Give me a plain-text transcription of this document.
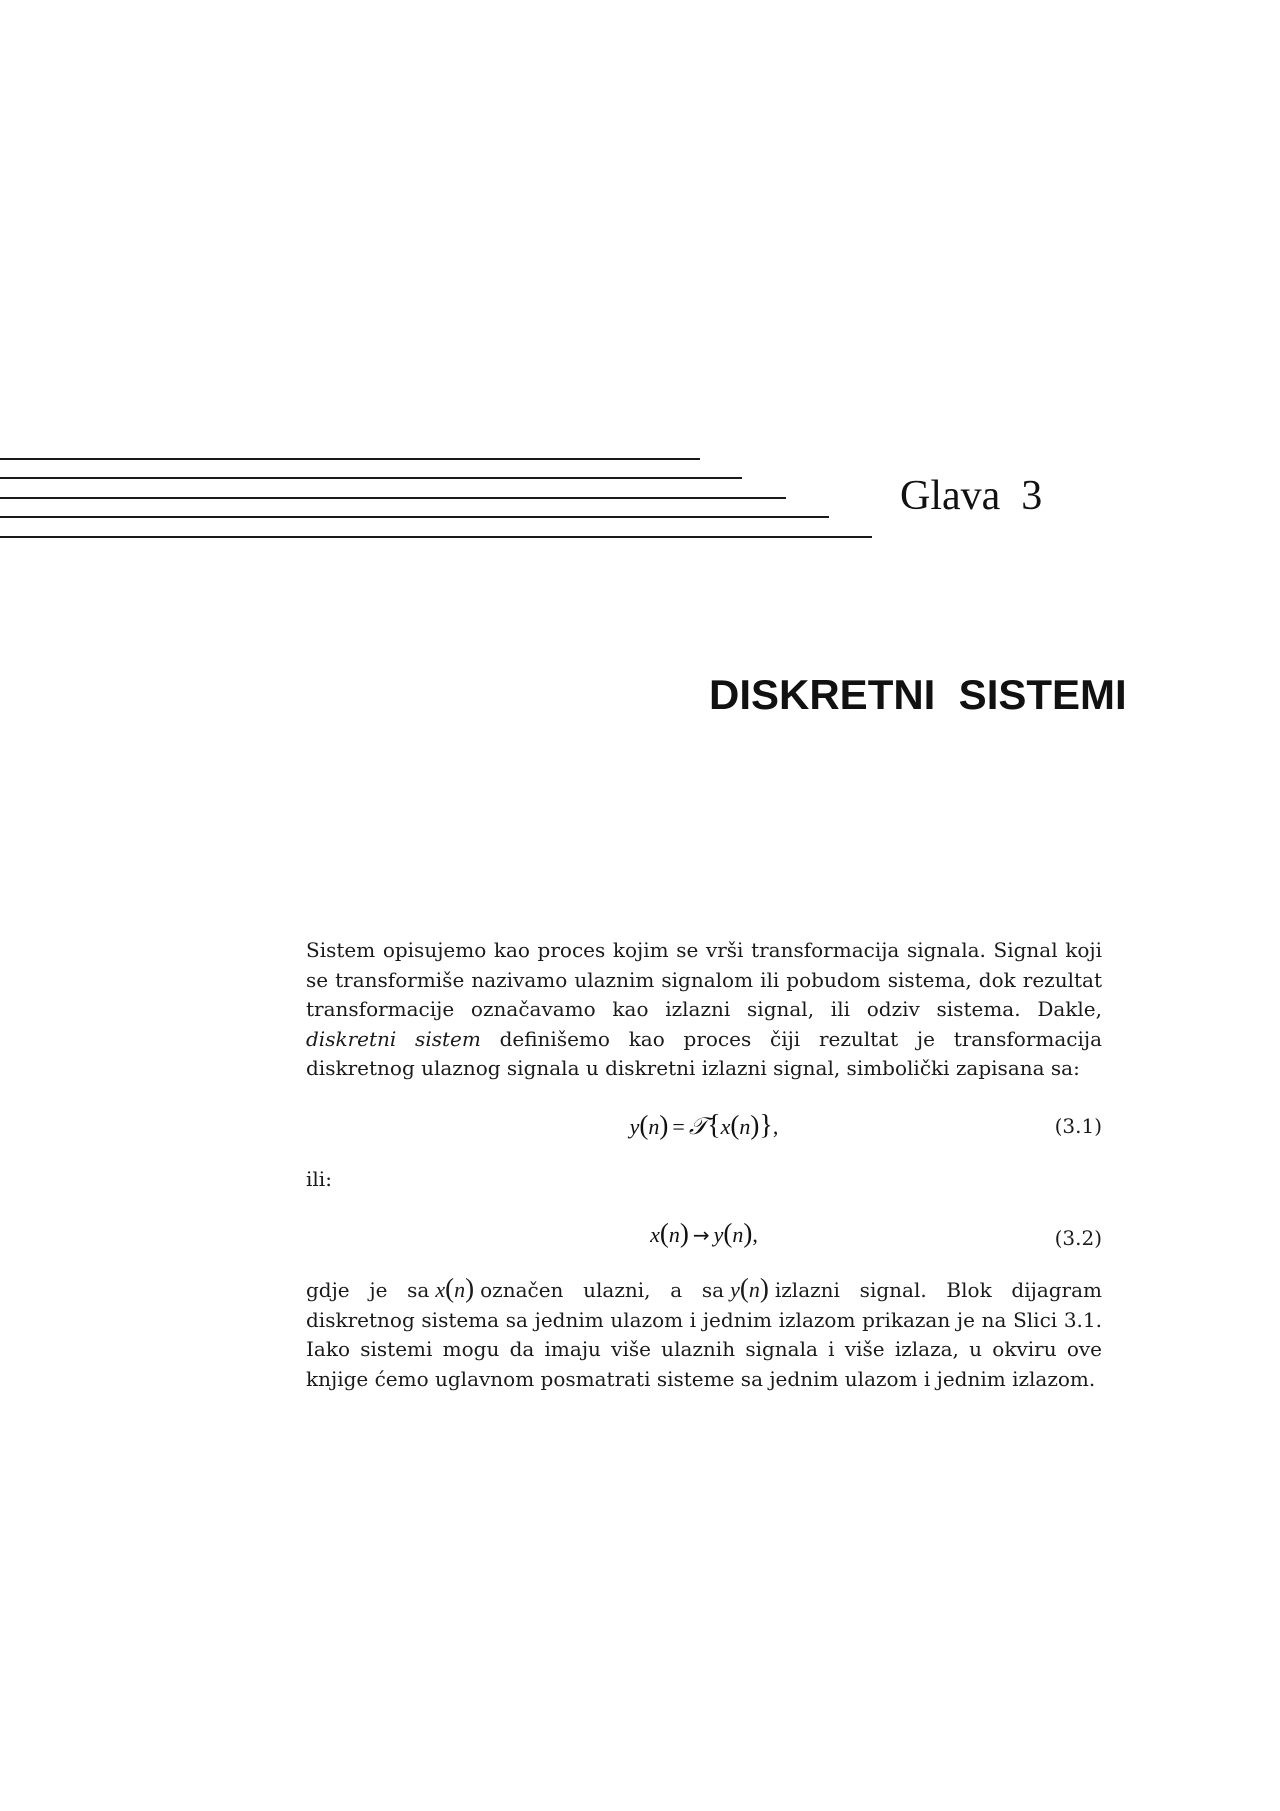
Glava  3
DISKRETNI  SISTEMI

Sistem opisujemo kao proces kojim se vrši transformacija signala. Signal koji se transformiše nazivamo ulaznim signalom ili pobudom sistema, dok rezultat transformacije označavamo kao izlazni signal, ili odziv sistema. Dakle, diskretni sistem definišemo kao proces čiji rezultat je transformacija diskretnog ulaznog signala u diskretni izlazni signal, simbolički zapisana sa:

y(n) = 𝒯{x(n)},	(3.1)
ili:
x(n) → y(n),	(3.2)

gdje je sa x(n) označen ulazni, a sa y(n) izlazni signal. Blok dijagram diskretnog sistema sa jednim ulazom i jednim izlazom prikazan je na Slici 3.1. Iako sistemi mogu da imaju više ulaznih signala i više izlaza, u okviru ove knjige ćemo uglavnom posmatrati sisteme sa jednim ulazom i jednim izlazom.
